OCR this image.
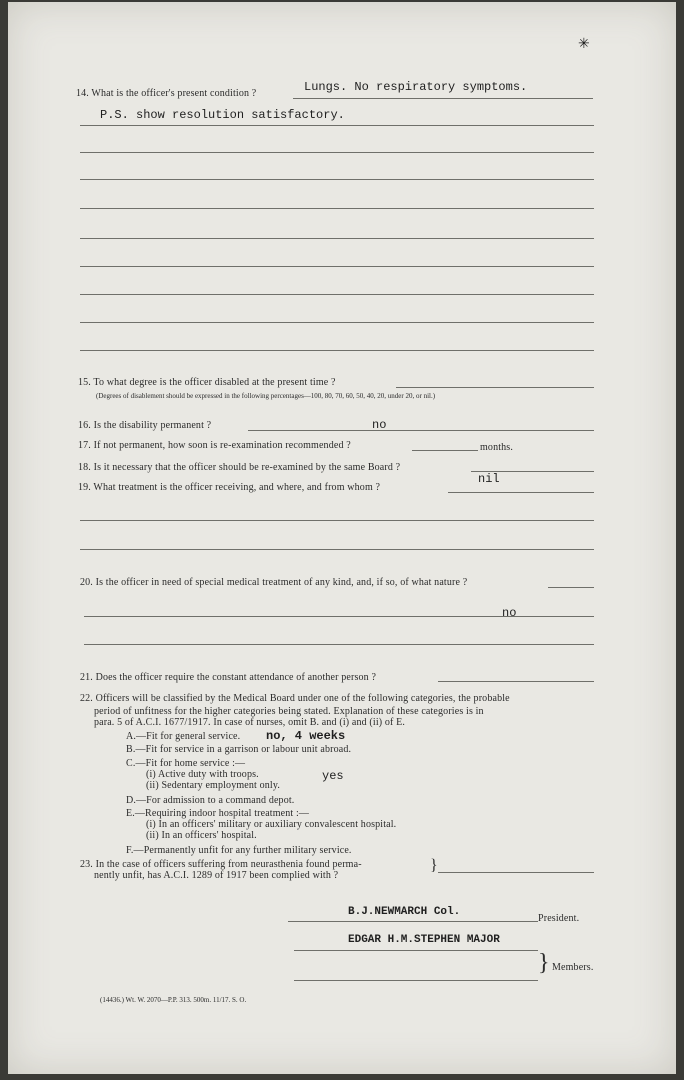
✳
14. What is the officer's present condition ?	Lungs. No respiratory symptoms.
P.S. show resolution satisfactory.
15. To what degree is the officer disabled at the present time ?
(Degrees of disablement should be expressed in the following percentages—100, 80, 70, 60, 50, 40, 20, under 20, or nil.)
16. Is the disability permanent ?	no
17. If not permanent, how soon is re-examination recommended ?	months.
18. Is it necessary that the officer should be re-examined by the same Board ?
nil
19. What treatment is the officer receiving, and where, and from whom ?
20. Is the officer in need of special medical treatment of any kind, and, if so, of what nature ?
no
21. Does the officer require the constant attendance of another person ?
22. Officers will be classified by the Medical Board under one of the following categories, the probable
period of unfitness for the higher categories being stated. Explanation of these categories is in
para. 5 of A.C.I. 1677/1917. In case of nurses, omit B. and (i) and (ii) of E.
A.—Fit for general service. no, 4 weeks
B.—Fit for service in a garrison or labour unit abroad.
C.—Fit for home service :—
(i) Active duty with troops.	yes
(ii) Sedentary employment only.
D.—For admission to a command depot.
E.—Requiring indoor hospital treatment :—
(i) In an officers' military or auxiliary convalescent hospital.
(ii) In an officers' hospital.
F.—Permanently unfit for any further military service.
23. In the case of officers suffering from neurasthenia found perma-
nently unfit, has A.C.I. 1289 of 1917 been complied with ?
}
B.J.NEWMARCH Col.
President.
EDGAR H.M.STEPHEN MAJOR
} Members.
(14436.) Wt. W. 2070—P.P. 313. 500m. 11/17. S. O.
